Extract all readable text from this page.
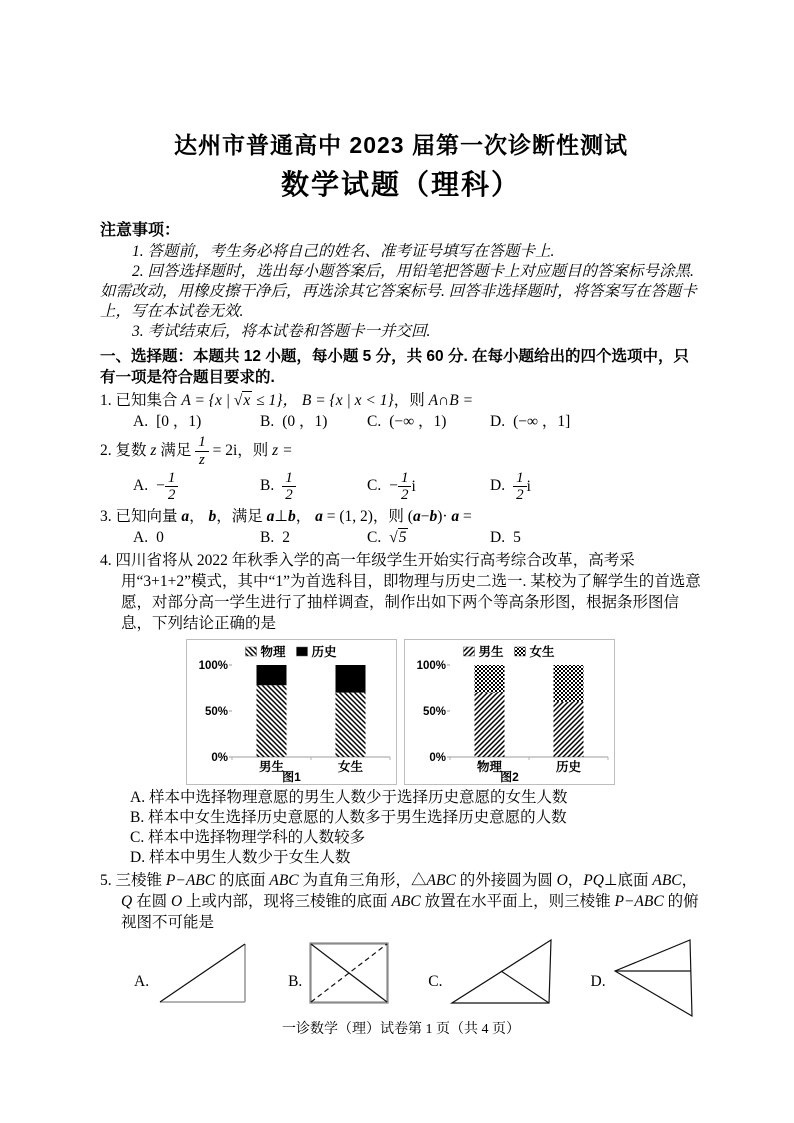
达州市普通高中 2023 届第一次诊断性测试
数学试题（理科）
注意事项：

1. 答题前，考生务必将自己的姓名、准考证号填写在答题卡上.

2. 回答选择题时，选出每小题答案后，用铅笔把答题卡上对应题目的答案标号涂黑. 如需改动，用橡皮擦干净后，再选涂其它答案标号. 回答非选择题时，将答案写在答题卡上，写在本试卷无效.

3. 考试结束后，将本试卷和答题卡一并交回.

一、选择题：本题共 12 小题，每小题 5 分，共 60 分. 在每小题给出的四个选项中，只有一项是符合题目要求的.

1. 已知集合 A = {x | √x ≤ 1}， B = {x | x < 1}，则 A∩B =

A. [0 ，1)	B. (0 ，1)	C. (−∞ ，1)	D. (−∞ ，1]

2. 复数 z 满足 $\frac{1}{z} = 2i$，则 z =

A. − $\frac{1}{2}$	B. $\frac{1}{2}$	C. − $\frac{1}{2}$ i	D. $\frac{1}{2}$ i

3. 已知向量 a， b，满足 a⊥b， a = (1, 2)，则 (a−b)· a =

A. 0	B. 2	C. √5	D. 5

4. 四川省将从 2022 年秋季入学的高一年级学生开始实行高考综合改革，高考采用“3+1+2”模式，其中“1”为首选科目，即物理与历史二选一. 某校为了解学生的首选意愿，对部分高一学生进行了抽样调查，制作出如下两个等高条形图，根据条形图信息，下列结论正确的是

物理 历史
0%
50%
100%
男生	女生
图1
男生 女生
0%
50%
100%
物理	历史
图2

A. 样本中选择物理意愿的男生人数少于选择历史意愿的女生人数

B. 样本中女生选择历史意愿的人数多于男生选择历史意愿的人数

C. 样本中选择物理学科的人数较多

D. 样本中男生人数少于女生人数

5. 三棱锥 P−ABC 的底面 ABC 为直角三角形，△ABC 的外接圆为圆 O，PQ⊥底面 ABC，Q 在圆 O 上或内部，现将三棱锥的底面 ABC 放置在水平面上，则三棱锥 P−ABC 的俯视图不可能是

A.	B.	C.	D.
一诊数学（理）试卷第 1 页（共 4 页）
